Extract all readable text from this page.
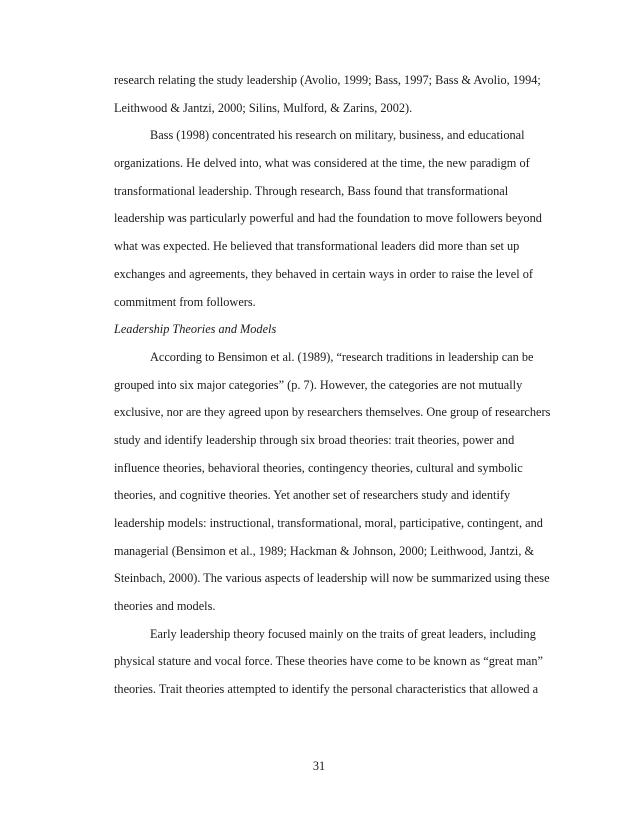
research relating the study leadership (Avolio, 1999; Bass, 1997; Bass & Avolio, 1994;
Leithwood & Jantzi, 2000; Silins, Mulford, & Zarins, 2002).
Bass (1998) concentrated his research on military, business, and educational
organizations. He delved into, what was considered at the time, the new paradigm of
transformational leadership. Through research, Bass found that transformational
leadership was particularly powerful and had the foundation to move followers beyond
what was expected. He believed that transformational leaders did more than set up
exchanges and agreements, they behaved in certain ways in order to raise the level of
commitment from followers.
Leadership Theories and Models
According to Bensimon et al. (1989), “research traditions in leadership can be
grouped into six major categories” (p. 7). However, the categories are not mutually
exclusive, nor are they agreed upon by researchers themselves. One group of researchers
study and identify leadership through six broad theories: trait theories, power and
influence theories, behavioral theories, contingency theories, cultural and symbolic
theories, and cognitive theories. Yet another set of researchers study and identify
leadership models: instructional, transformational, moral, participative, contingent, and
managerial (Bensimon et al., 1989; Hackman & Johnson, 2000; Leithwood, Jantzi, &
Steinbach, 2000). The various aspects of leadership will now be summarized using these
theories and models.
Early leadership theory focused mainly on the traits of great leaders, including
physical stature and vocal force. These theories have come to be known as “great man”
theories. Trait theories attempted to identify the personal characteristics that allowed a
31
